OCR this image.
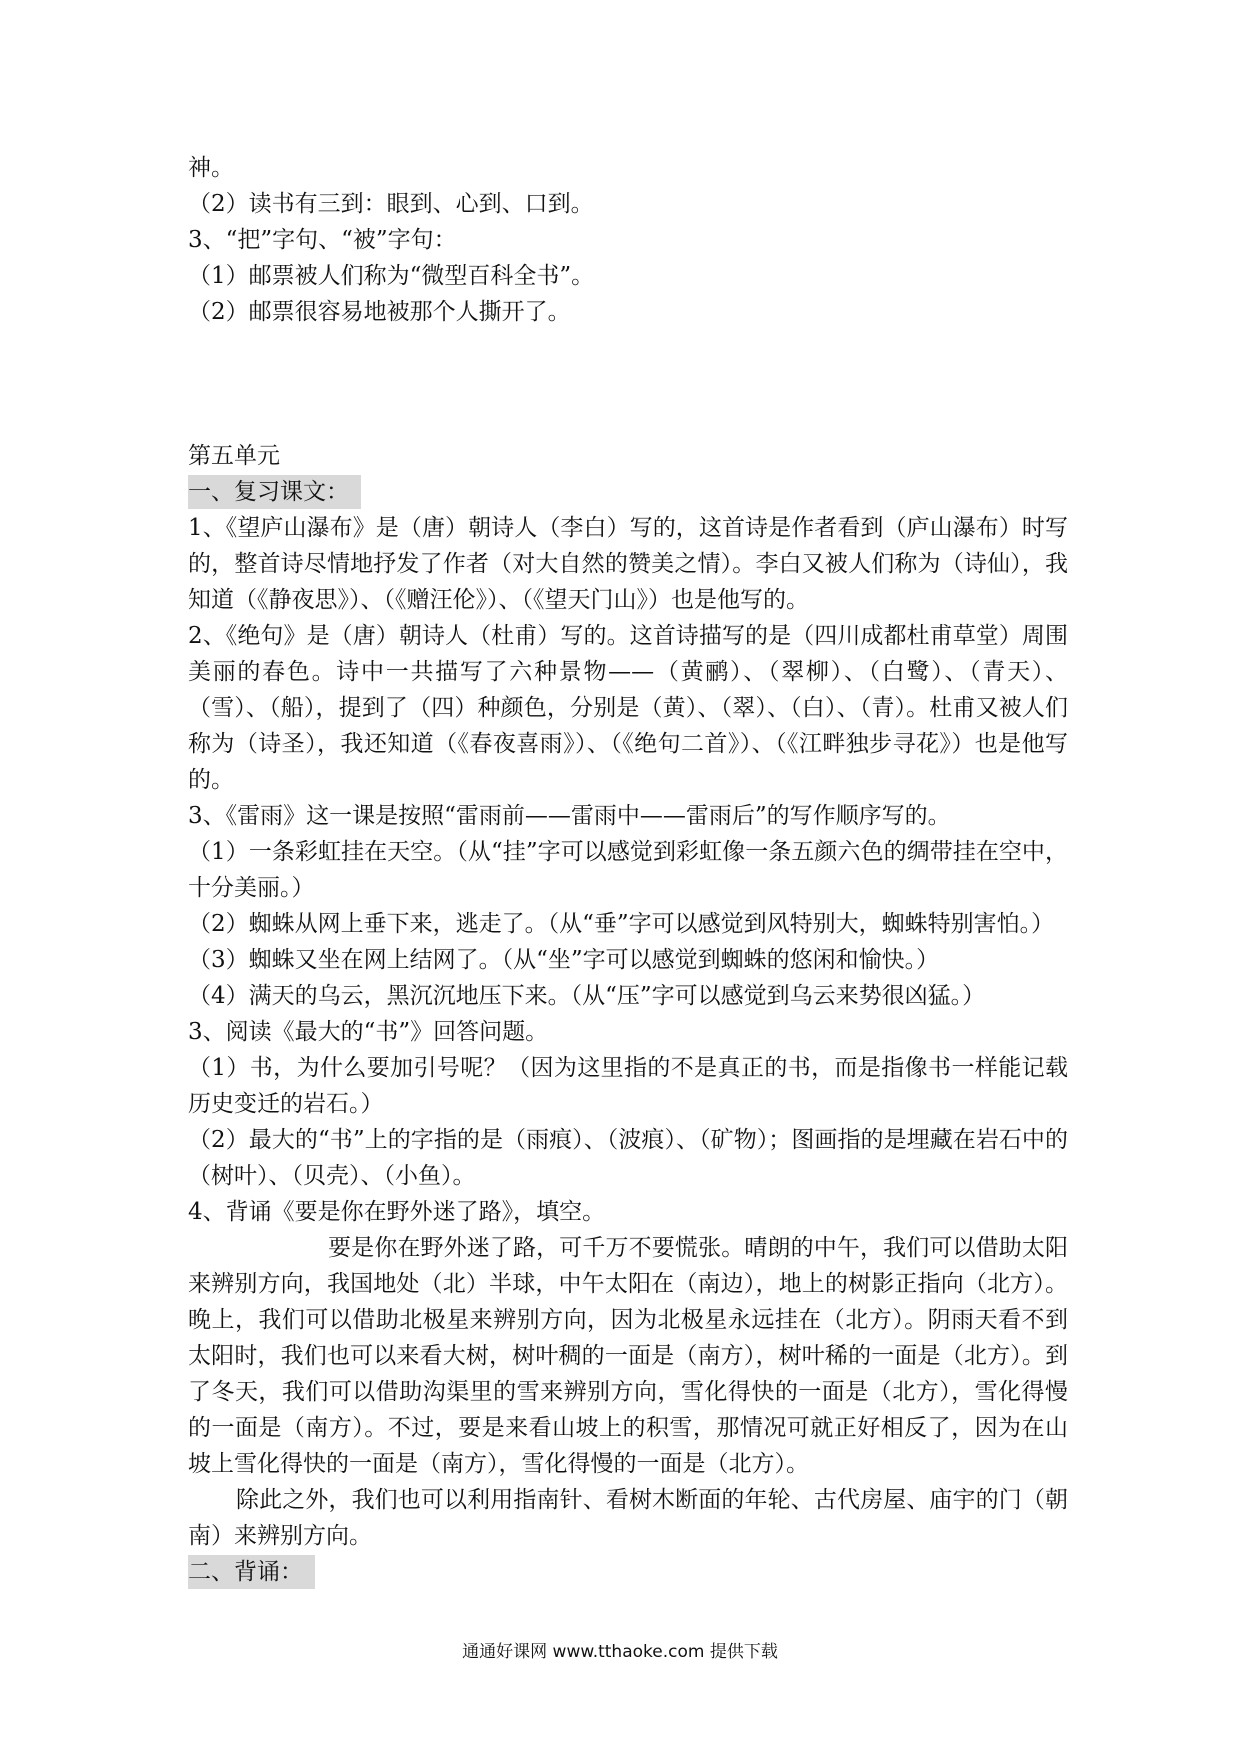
神。
（2）读书有三到：眼到、心到、口到。
3、“把”字句、“被”字句：
（1）邮票被人们称为“微型百科全书”。
（2）邮票很容易地被那个人撕开了。
第五单元
一、复习课文：

1、《望庐山瀑布》是（唐）朝诗人（李白）写的，这首诗是作者看到（庐山瀑布）时写的，整首诗尽情地抒发了作者（对大自然的赞美之情）。李白又被人们称为（诗仙），我知道（《静夜思》）、（《赠汪伦》）、（《望天门山》）也是他写的。

2、《绝句》是（唐）朝诗人（杜甫）写的。这首诗描写的是（四川成都杜甫草堂）周围美丽的春色。诗中一共描写了六种景物——（黄鹂）、（翠柳）、（白鹭）、（青天）、（雪）、（船），提到了（四）种颜色，分别是（黄）、（翠）、（白）、（青）。杜甫又被人们称为（诗圣），我还知道（《春夜喜雨》）、（《绝句二首》）、（《江畔独步寻花》）也是他写的。

3、《雷雨》这一课是按照“雷雨前——雷雨中——雷雨后”的写作顺序写的。

（1）一条彩虹挂在天空。（从“挂”字可以感觉到彩虹像一条五颜六色的绸带挂在空中，十分美丽。）

（2）蜘蛛从网上垂下来，逃走了。（从“垂”字可以感觉到风特别大，蜘蛛特别害怕。）

（3）蜘蛛又坐在网上结网了。（从“坐”字可以感觉到蜘蛛的悠闲和愉快。）

（4）满天的乌云，黑沉沉地压下来。（从“压”字可以感觉到乌云来势很凶猛。）

3、阅读《最大的“书”》回答问题。

（1）书，为什么要加引号呢？（因为这里指的不是真正的书，而是指像书一样能记载历史变迁的岩石。）

（2）最大的“书”上的字指的是（雨痕）、（波痕）、（矿物）；图画指的是埋藏在岩石中的（树叶）、（贝壳）、（小鱼）。

4、背诵《要是你在野外迷了路》，填空。

要是你在野外迷了路，可千万不要慌张。晴朗的中午，我们可以借助太阳来辨别方向，我国地处（北）半球，中午太阳在（南边），地上的树影正指向（北方）。晚上，我们可以借助北极星来辨别方向，因为北极星永远挂在（北方）。阴雨天看不到太阳时，我们也可以来看大树，树叶稠的一面是（南方），树叶稀的一面是（北方）。到了冬天，我们可以借助沟渠里的雪来辨别方向，雪化得快的一面是（北方），雪化得慢的一面是（南方）。不过，要是来看山坡上的积雪，那情况可就正好相反了，因为在山坡上雪化得快的一面是（南方），雪化得慢的一面是（北方）。

除此之外，我们也可以利用指南针、看树木断面的年轮、古代房屋、庙宇的门（朝南）来辨别方向。

二、背诵：
通通好课网 www.tthaoke.com 提供下载
